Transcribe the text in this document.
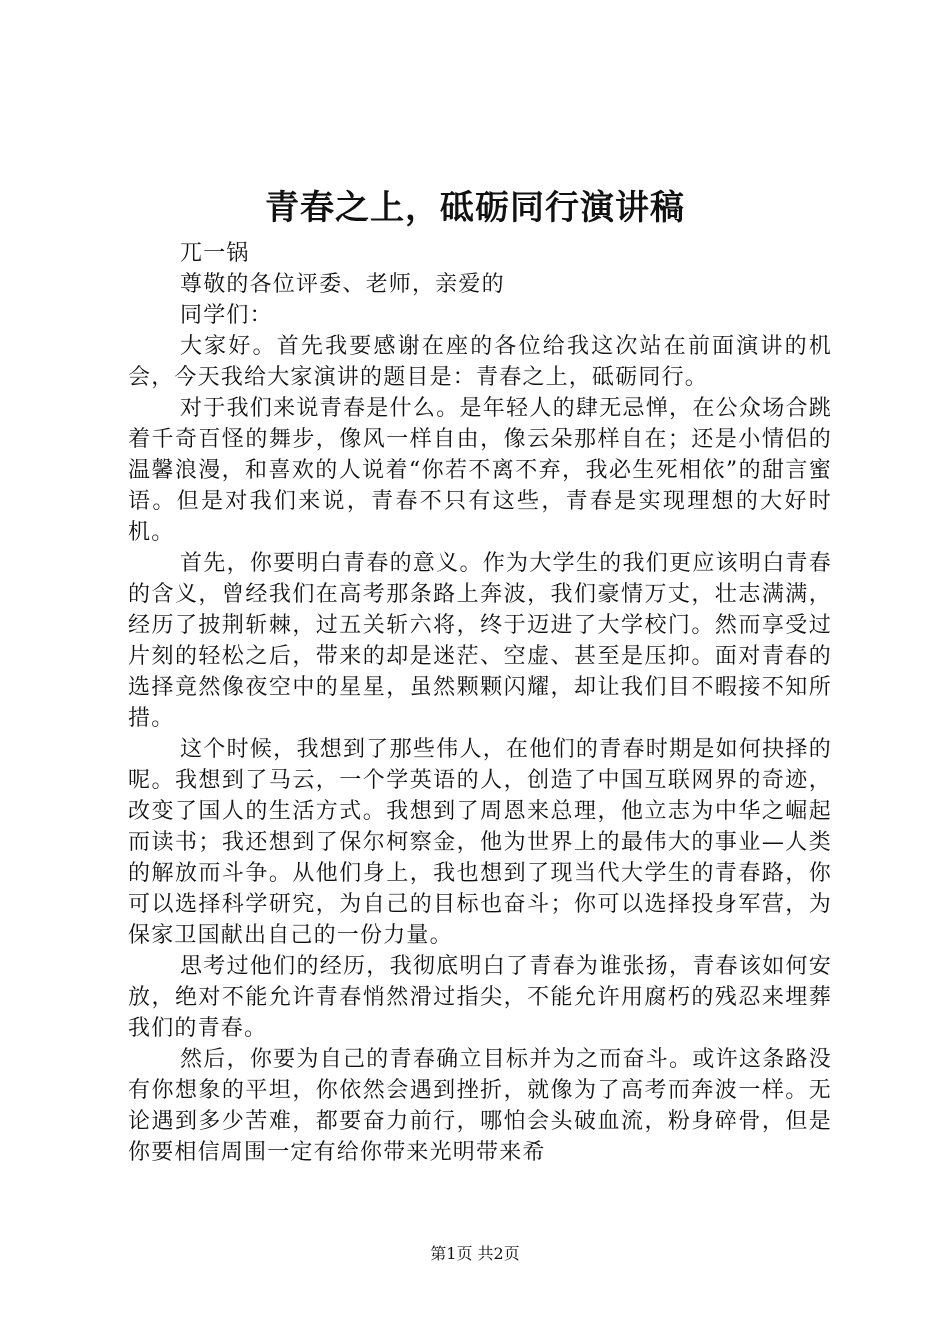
青春之上，砥砺同行演讲稿
兀一锅
尊敬的各位评委、老师，亲爱的
同学们：

大家好。首先我要感谢在座的各位给我这次站在前面演讲的机会，今天我给大家演讲的题目是：青春之上，砥砺同行。

对于我们来说青春是什么。是年轻人的肆无忌惮，在公众场合跳着千奇百怪的舞步，像风一样自由，像云朵那样自在；还是小情侣的温馨浪漫，和喜欢的人说着“你若不离不弃，我必生死相依”的甜言蜜语。但是对我们来说，青春不只有这些，青春是实现理想的大好时机。

首先，你要明白青春的意义。作为大学生的我们更应该明白青春的含义，曾经我们在高考那条路上奔波，我们豪情万丈，壮志满满，经历了披荆斩棘，过五关斩六将，终于迈进了大学校门。然而享受过片刻的轻松之后，带来的却是迷茫、空虚、甚至是压抑。面对青春的选择竟然像夜空中的星星，虽然颗颗闪耀，却让我们目不暇接不知所措。

这个时候，我想到了那些伟人，在他们的青春时期是如何抉择的呢。我想到了马云，一个学英语的人，创造了中国互联网界的奇迹，改变了国人的生活方式。我想到了周恩来总理，他立志为中华之崛起而读书；我还想到了保尔柯察金，他为世界上的最伟大的事业—人类的解放而斗争。从他们身上，我也想到了现当代大学生的青春路，你可以选择科学研究，为自己的目标也奋斗；你可以选择投身军营，为保家卫国献出自己的一份力量。

思考过他们的经历，我彻底明白了青春为谁张扬，青春该如何安放，绝对不能允许青春悄然滑过指尖，不能允许用腐朽的残忍来埋葬我们的青春。

然后，你要为自己的青春确立目标并为之而奋斗。或许这条路没有你想象的平坦，你依然会遇到挫折，就像为了高考而奔波一样。无论遇到多少苦难，都要奋力前行，哪怕会头破血流，粉身碎骨，但是你要相信周围一定有给你带来光明带来希

第1页 共2页
